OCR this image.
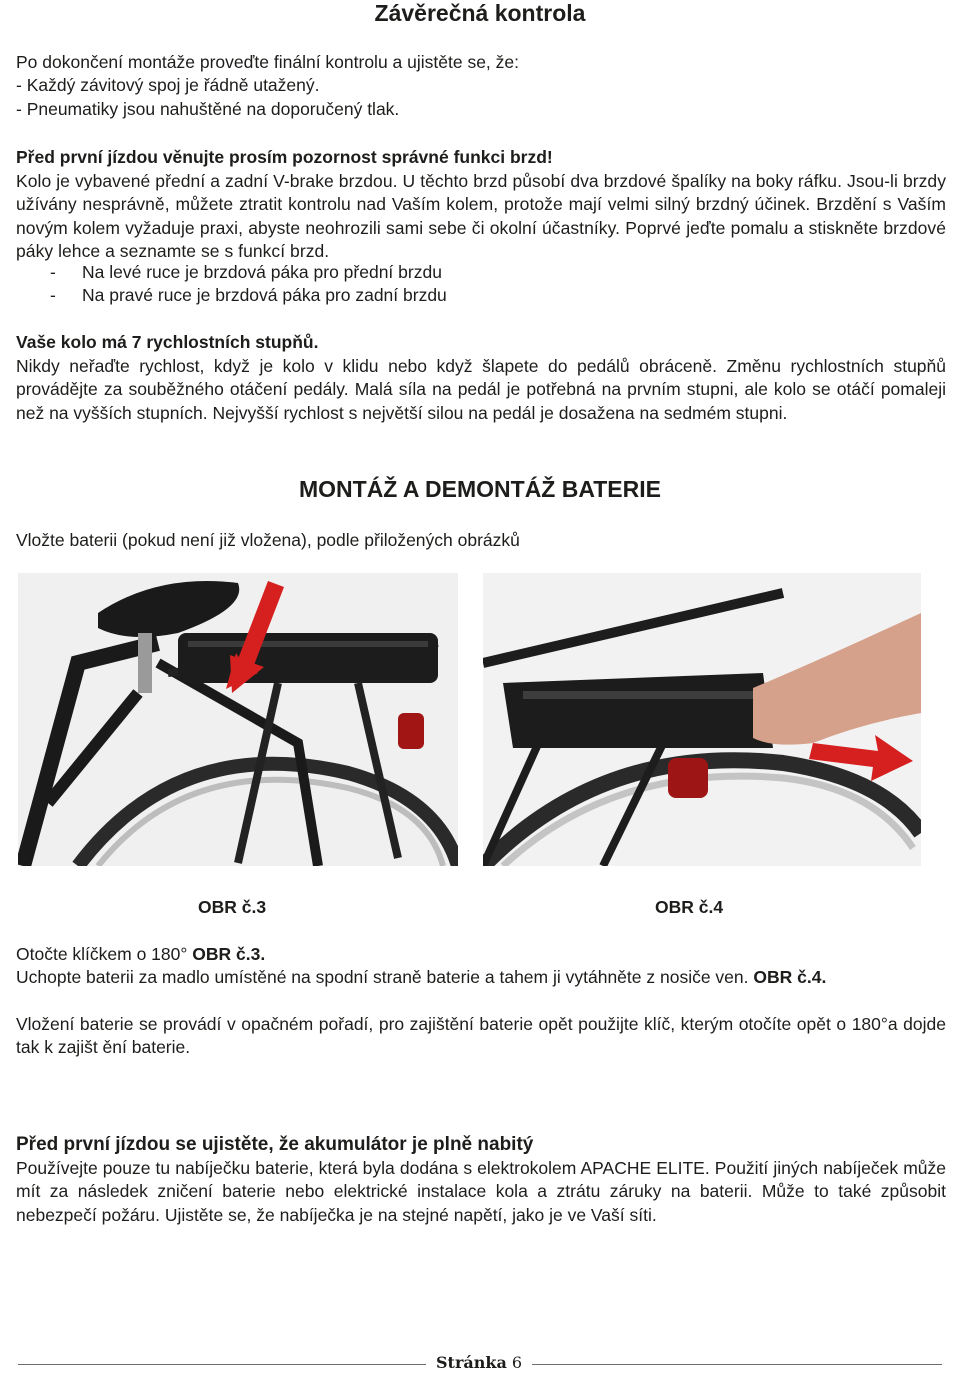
Závěrečná kontrola
Po dokončení montáže proveďte finální kontrolu a ujistěte se, že:
- Každý závitový spoj je řádně utažený.
- Pneumatiky jsou nahuštěné na doporučený tlak.
Před první jízdou věnujte prosím pozornost správné funkci brzd!
Kolo je vybavené přední a zadní V-brake brzdou. U těchto brzd působí dva brzdové špalíky na boky ráfku. Jsou-li brzdy užívány nesprávně, můžete ztratit kontrolu nad Vaším kolem, protože mají velmi silný brzdný účinek. Brzdění s Vaším novým kolem vyžaduje praxi, abyste neohrozili sami sebe či okolní účastníky. Poprvé jeďte pomalu a stiskněte brzdové páky lehce a seznamte se s funkcí brzd.
-	Na levé ruce je brzdová páka pro přední brzdu
-	Na pravé ruce je brzdová páka pro zadní brzdu
Vaše kolo má 7 rychlostních stupňů.
Nikdy neřaďte rychlost, když je kolo v klidu nebo když šlapete do pedálů obráceně. Změnu rychlostních stupňů provádějte za souběžného otáčení pedály. Malá síla na pedál je potřebná na prvním stupni, ale kolo se otáčí pomaleji než na vyšších stupních. Nejvyšší rychlost s největší silou na pedál je dosažena na sedmém stupni.
MONTÁŽ A DEMONTÁŽ BATERIE
Vložte baterii (pokud není již vložena), podle přiložených obrázků
OBR č.3	OBR č.4
Otočte klíčkem o 180° OBR č.3.
Uchopte baterii za madlo umístěné na spodní straně baterie a tahem ji vytáhněte z nosiče ven. OBR č.4.
Vložení baterie se provádí v opačném pořadí, pro zajištění baterie opět použijte klíč, kterým otočíte opět o 180°a dojde tak k zajišt ění baterie.
Před první jízdou se ujistěte, že akumulátor je plně nabitý
Používejte pouze tu nabíječku baterie, která byla dodána s elektrokolem APACHE ELITE. Použití jiných nabíječek může mít za následek zničení baterie nebo elektrické instalace kola a ztrátu záruky na baterii. Může to také způsobit nebezpečí požáru. Ujistěte se, že nabíječka je na stejné napětí, jako je ve Vaší síti.
Stránka 6
